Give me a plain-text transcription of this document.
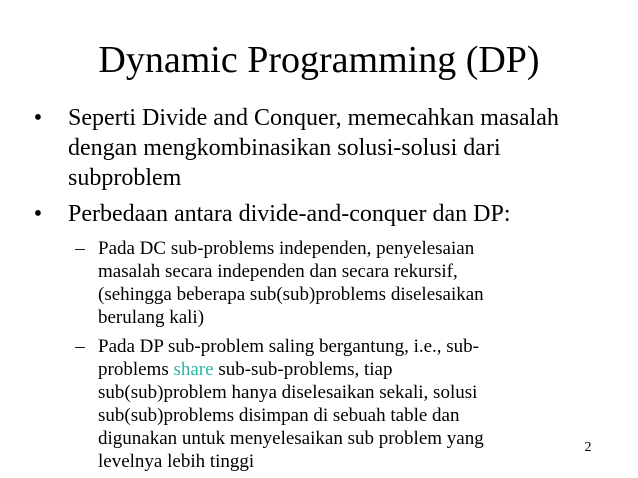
Dynamic Programming (DP)
•	Seperti Divide and Conquer, memecahkan masalah dengan mengkombinasikan solusi-solusi dari subproblem
•	Perbedaan antara divide-and-conquer dan DP:
– Pada DC sub-problems independen, penyelesaian
masalah secara independen dan secara rekursif,
(sehingga beberapa sub(sub)problems diselesaikan
berulang kali)
– Pada DP sub-problem saling bergantung, i.e., sub-
problems share sub-sub-problems, tiap
sub(sub)problem hanya diselesaikan sekali, solusi
sub(sub)problems disimpan di sebuah table dan
digunakan untuk menyelesaikan sub problem yang
levelnya lebih tinggi
2
